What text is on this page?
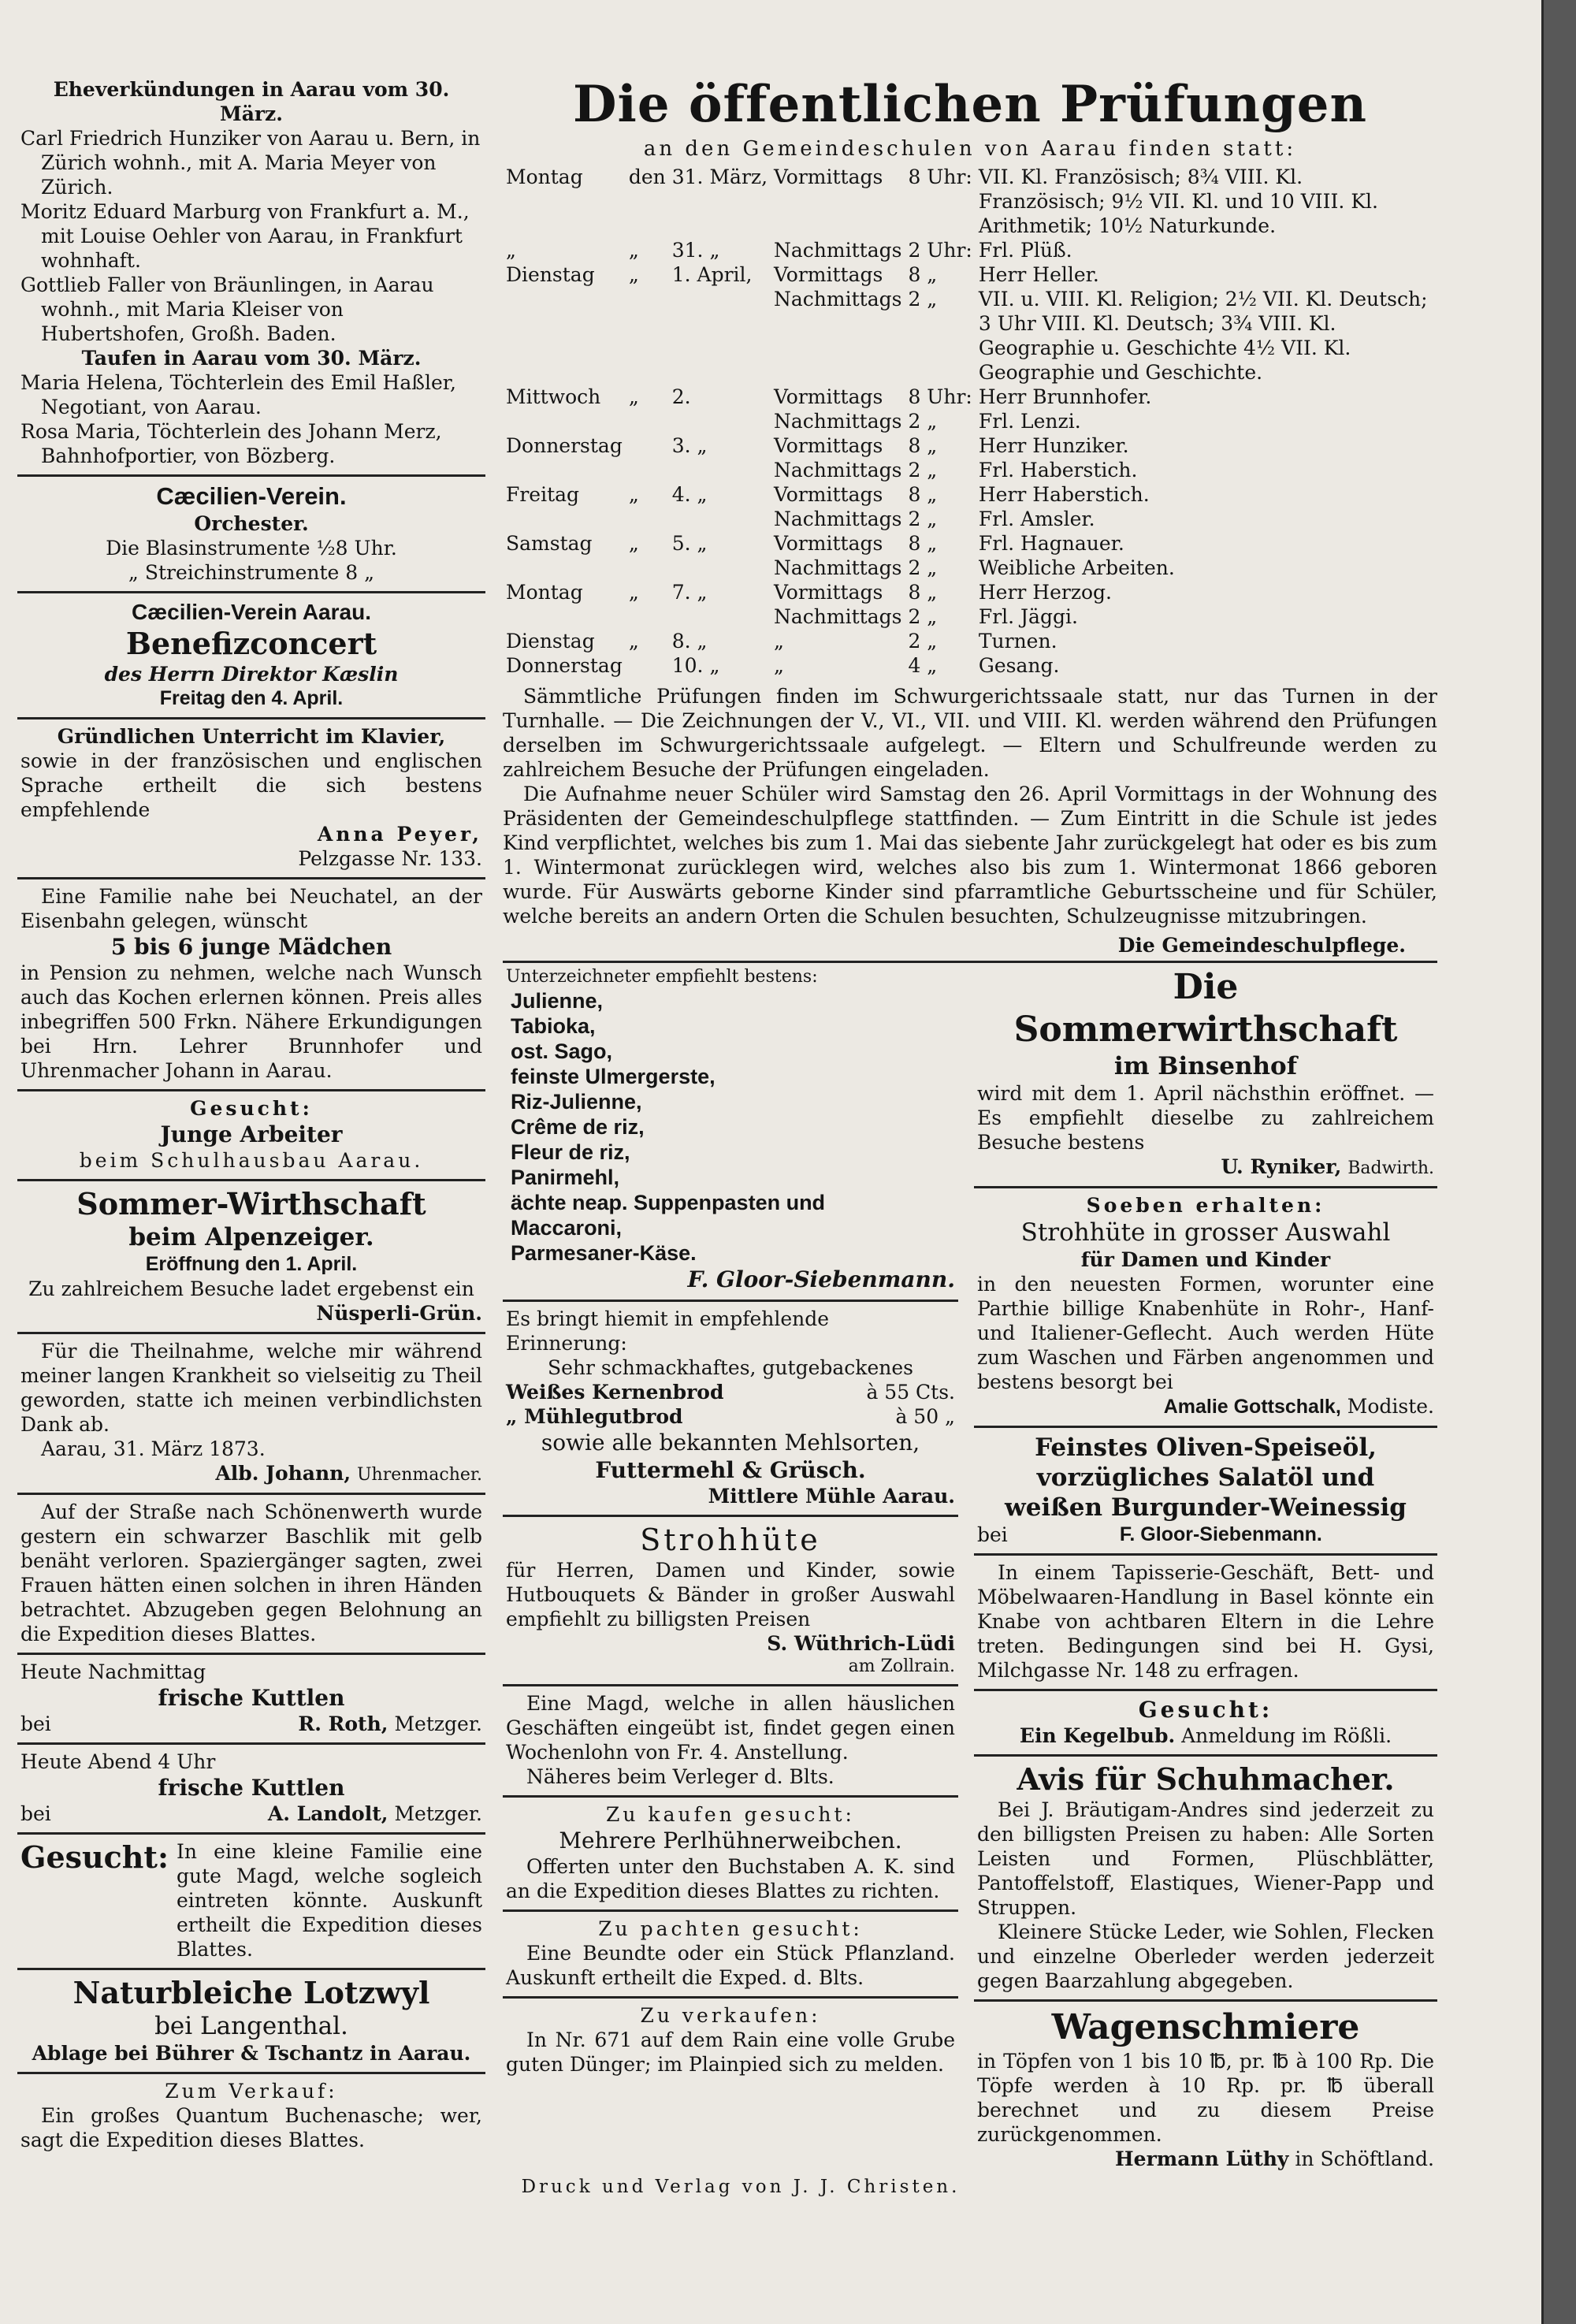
Eheverkündungen in Aarau vom 30. März.
Carl Friedrich Hunziker von Aarau u. Bern, in Zürich wohnh., mit A. Maria Meyer von Zürich.
Moritz Eduard Marburg von Frankfurt a. M., mit Louise Oehler von Aarau, in Frankfurt wohnhaft.
Gottlieb Faller von Bräunlingen, in Aarau wohnh., mit Maria Kleiser von Hubertshofen, Großh. Baden.
Taufen in Aarau vom 30. März.
Maria Helena, Töchterlein des Emil Haßler, Negotiant, von Aarau.
Rosa Maria, Töchterlein des Johann Merz, Bahnhofportier, von Bözberg.
Cæcilien-Verein.
Orchester.
Die Blasinstrumente ½8 Uhr.
„ Streichinstrumente 8 „
Cæcilien-Verein Aarau.
Benefizconcert
des Herrn Direktor Kæslin
Freitag den 4. April.
Gründlichen Unterricht im Klavier,
sowie in der französischen und englischen Sprache ertheilt die sich bestens empfehlende
Anna Peyer,
Pelzgasse Nr. 133.
Eine Familie nahe bei Neuchatel, an der Eisenbahn gelegen, wünscht
5 bis 6 junge Mädchen
in Pension zu nehmen, welche nach Wunsch auch das Kochen erlernen können. Preis alles inbegriffen 500 Frkn. Nähere Erkundigungen bei Hrn. Lehrer Brunnhofer und Uhrenmacher Johann in Aarau.
Gesucht:
Junge Arbeiter
beim Schulhausbau Aarau.
Sommer-Wirthschaft
beim Alpenzeiger.
Eröffnung den 1. April.
Zu zahlreichem Besuche ladet ergebenst ein
Nüsperli-Grün.
Für die Theilnahme, welche mir während meiner langen Krankheit so vielseitig zu Theil geworden, statte ich meinen verbindlichsten Dank ab.
Aarau, 31. März 1873.
Alb. Johann, Uhrenmacher.
Auf der Straße nach Schönenwerth wurde gestern ein schwarzer Baschlik mit gelb benäht verloren. Spaziergänger sagten, zwei Frauen hätten einen solchen in ihren Händen betrachtet. Abzugeben gegen Belohnung an die Expedition dieses Blattes.
Heute Nachmittag
frische Kuttlen
bei	R. Roth, Metzger.
Heute Abend 4 Uhr
frische Kuttlen
bei	A. Landolt, Metzger.
Gesucht: In eine kleine Familie eine gute Magd, welche sogleich eintreten könnte. Auskunft ertheilt die Expedition dieses Blattes.
Naturbleiche Lotzwyl
bei Langenthal.
Ablage bei Bührer & Tschantz in Aarau.
Zum Verkauf:
Ein großes Quantum Buchenasche; wer, sagt die Expedition dieses Blattes.
Die öffentlichen Prüfungen
an den Gemeindeschulen von Aarau finden statt:
Montag	den	31. März,	Vormittags	8 Uhr:	VII. Kl. Französisch; 8¾ VIII. Kl. Französisch; 9½ VII. Kl. und 10 VIII. Kl. Arithmetik; 10½ Naturkunde.
„	„	31. „	Nachmittags	2 Uhr:	Frl. Plüß.
Dienstag	„	1. April,	Vormittags	8 „	Herr Heller.
			Nachmittags	2 „	VII. u. VIII. Kl. Religion; 2½ VII. Kl. Deutsch; 3 Uhr VIII. Kl. Deutsch; 3¾ VIII. Kl. Geographie u. Geschichte 4½ VII. Kl. Geographie und Geschichte.
Mittwoch	„	2.	Vormittags	8 Uhr:	Herr Brunnhofer.
			Nachmittags	2 „	Frl. Lenzi.
Donnerstag		3. „	Vormittags	8 „	Herr Hunziker.
			Nachmittags	2 „	Frl. Haberstich.
Freitag	„	4. „	Vormittags	8 „	Herr Haberstich.
			Nachmittags	2 „	Frl. Amsler.
Samstag	„	5. „	Vormittags	8 „	Frl. Hagnauer.
			Nachmittags	2 „	Weibliche Arbeiten.
Montag	„	7. „	Vormittags	8 „	Herr Herzog.
			Nachmittags	2 „	Frl. Jäggi.
Dienstag	„	8. „	„	2 „	Turnen.
Donnerstag		10. „	„	4 „	Gesang.

Sämmtliche Prüfungen finden im Schwurgerichtssaale statt, nur das Turnen in der Turnhalle. — Die Zeichnungen der V., VI., VII. und VIII. Kl. werden während den Prüfungen derselben im Schwurgerichtssaale aufgelegt. — Eltern und Schulfreunde werden zu zahlreichem Besuche der Prüfungen eingeladen.

Die Aufnahme neuer Schüler wird Samstag den 26. April Vormittags in der Wohnung des Präsidenten der Gemeindeschulpflege stattfinden. — Zum Eintritt in die Schule ist jedes Kind verpflichtet, welches bis zum 1. Mai das siebente Jahr zurückgelegt hat oder es bis zum 1. Wintermonat zurücklegen wird, welches also bis zum 1. Wintermonat 1866 geboren wurde. Für Auswärts geborne Kinder sind pfarramtliche Geburtsscheine und für Schüler, welche bereits an andern Orten die Schulen besuchten, Schulzeugnisse mitzubringen.

Die Gemeindeschulpflege.

Unterzeichneter empfiehlt bestens:
Julienne,
Tabioka,
ost. Sago,
feinste Ulmergerste,
Riz-Julienne,
Crême de riz,
Fleur de riz,
Panirmehl,
ächte neap. Suppenpasten und
Maccaroni,
Parmesaner-Käse.
F. Gloor-Siebenmann.
Es bringt hiemit in empfehlende Erinnerung:
Sehr schmackhaftes, gutgebackenes
Weißes Kernenbrod	à 55 Cts.
„ Mühlegutbrod	à 50 „
sowie alle bekannten Mehlsorten,
Futtermehl & Grüsch.
Mittlere Mühle Aarau.
Strohhüte
für Herren, Damen und Kinder, sowie Hutbouquets & Bänder in großer Auswahl empfiehlt zu billigsten Preisen
S. Wüthrich-Lüdi
am Zollrain.
Eine Magd, welche in allen häuslichen Geschäften eingeübt ist, findet gegen einen Wochenlohn von Fr. 4. Anstellung.
Näheres beim Verleger d. Blts.
Zu kaufen gesucht:
Mehrere Perlhühnerweibchen.
Offerten unter den Buchstaben A. K. sind an die Expedition dieses Blattes zu richten.
Zu pachten gesucht:
Eine Beundte oder ein Stück Pflanzland. Auskunft ertheilt die Exped. d. Blts.
Zu verkaufen:
In Nr. 671 auf dem Rain eine volle Grube guten Dünger; im Plainpied sich zu melden.
Die Sommerwirthschaft
im Binsenhof
wird mit dem 1. April nächsthin eröffnet. — Es empfiehlt dieselbe zu zahlreichem Besuche bestens
U. Ryniker, Badwirth.
Soeben erhalten:
Strohhüte in grosser Auswahl
für Damen und Kinder
in den neuesten Formen, worunter eine Parthie billige Knabenhüte in Rohr-, Hanf- und Italiener-Geflecht. Auch werden Hüte zum Waschen und Färben angenommen und bestens besorgt bei
Amalie Gottschalk, Modiste.
Feinstes Oliven-Speiseöl,
vorzügliches Salatöl und
weißen Burgunder-Weinessig
bei	F. Gloor-Siebenmann.
In einem Tapisserie-Geschäft, Bett- und Möbelwaaren-Handlung in Basel könnte ein Knabe von achtbaren Eltern in die Lehre treten. Bedingungen sind bei H. Gysi, Milchgasse Nr. 148 zu erfragen.
Gesucht:
Ein Kegelbub. Anmeldung im Rößli.
Avis für Schuhmacher.
Bei J. Bräutigam-Andres sind jederzeit zu den billigsten Preisen zu haben: Alle Sorten Leisten und Formen, Plüschblätter, Pantoffelstoff, Elastiques, Wiener-Papp und Struppen.
Kleinere Stücke Leder, wie Sohlen, Flecken und einzelne Oberleder werden jederzeit gegen Baarzahlung abgegeben.
Wagenschmiere
in Töpfen von 1 bis 10 ℔, pr. ℔ à 100 Rp. Die Töpfe werden à 10 Rp. pr. ℔ überall berechnet und zu diesem Preise zurückgenommen.
Hermann Lüthy in Schöftland.
Druck und Verlag von J. J. Christen.
